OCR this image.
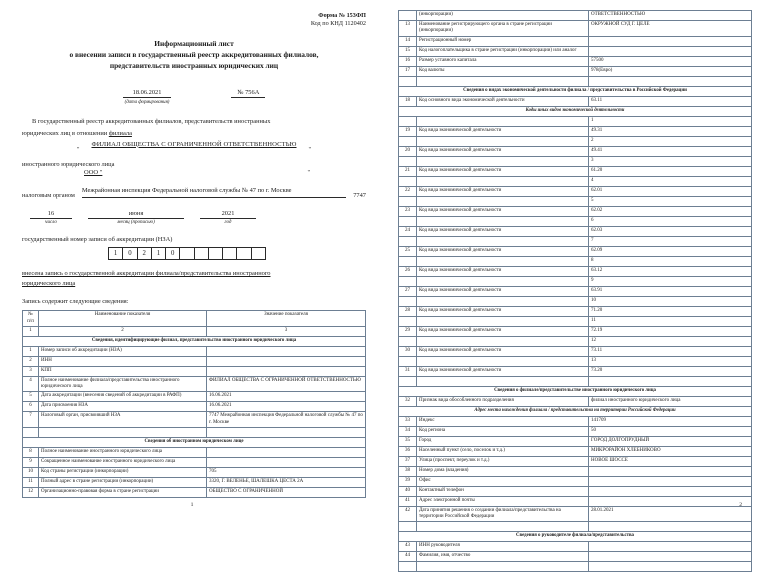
Форма № 153ФП
Код по КНД 1120402
Информационный лист
о внесении записи в государственный реестр аккредитованных филиалов,
представительств иностранных юридических лиц
18.06.2021
(дата формирования)
№ 756А
В государственный реестр аккредитованных филиалов, представительств иностранных
юридических лиц в отношении филиала
ФИЛИАЛ ОБЩЕСТВА С ОГРАНИЧЕННОЙ ОТВЕТСТВЕННОСТЬЮ
"	"
иностранного юридического лица
ООО "	"
налоговым органом
Межрайонная инспекция Федеральной налоговой службы № 47 по г. Москве
7747
16
число
июня
месяц (прописью)
2021
год
государственный номер записи об аккредитации (НЗА)
1	0	2	1	0
внесена запись о государственной аккредитации филиала/представительства иностранного
юридического лица
Запись содержит следующие сведения:
№
п/п	Наименование показателя	Значение показателя
1	2	3
Сведения, идентифицирующие филиал, представительство иностранного юридического лица		
1	Номер записи об аккредитации (НЗА)	
2	ИНН	
3	КПП	
4	Полное наименование филиала/представительства иностранного юридического лица	ФИЛИАЛ ОБЩЕСТВА С ОГРАНИЧЕННОЙ ОТВЕТСТВЕННОСТЬЮ
5	Дата аккредитации (внесения сведений об аккредитации в РАФП)	16.06.2021
6	Дата присвоения НЗА	16.06.2021
7	Налоговый орган, присвоивший НЗА	7747 Межрайонная инспекция Федеральной налоговой службы № 47 по г. Москве

Сведения об иностранном юридическом лице		
8	Полное наименование иностранного юридического лица	
9	Сокращенное наименование иностранного юридического лица	
10	Код страны регистрации (инкорпорации)	705
11	Полный адрес в стране регистрации (инкорпорации)	3320, Г. ВЕЛЕНЬЕ, ШАЛЕШКА ЦЕСТА 2А
12	Организационно-правовая форма в стране регистрации	ОБЩЕСТВО С ОГРАНИЧЕННОЙ
1
	(инкорпорации)	ОТВЕТСТВЕННОСТЬЮ
13	Наименование регистрирующего органа в стране регистрации (инкорпорации)	ОКРУЖНОЙ СУД Г. ЦЕЛЕ
14	Регистрационный номер	
15	Код налогоплательщика в стране регистрации (инкорпорации) или аналог	
16	Размер уставного капитала	57500
17	Код валюты	978(Евро)

Сведения о видах экономической деятельности филиала / представительства в Российской Федерации		
18	Код основного вида экономической деятельности	63.11
Коды иных видов экономической деятельности		
		1
19	Код вида экономической деятельности	49.31
		2
20	Код вида экономической деятельности	49.41
		3
21	Код вида экономической деятельности	61.20
		4
22	Код вида экономической деятельности	62.01
		5
23	Код вида экономической деятельности	62.02
		6
24	Код вида экономической деятельности	62.03
		7
25	Код вида экономической деятельности	62.09
		8
26	Код вида экономической деятельности	63.12
		9
27	Код вида экономической деятельности	63.91
		10
28	Код вида экономической деятельности	71.20
		11
29	Код вида экономической деятельности	72.19
		12
30	Код вида экономической деятельности	73.11
		13
31	Код вида экономической деятельности	73.20

Сведения о филиале/представительстве иностранного юридического лица		
32	Признак вида обособленного подразделения	филиал иностранного юридического лица
Адрес места нахождения филиала / представительства на территории Российской Федерации		
33	Индекс	141709
34	Код региона	50
35	Город	ГОРОД ДОЛГОПРУДНЫЙ
36	Населенный пункт (село, поселок и т.д.)	МИКРОРАЙОН ХЛЕБНИКОВО
37	Улица (проспект, переулок и т.д.)	НОВОЕ ШОССЕ
38	Номер дома (владения)	
39	Офис	
40	Контактный телефон	
41	Адрес электронной почты	
42	Дата принятия решения о создании филиала/представительства на территории Российской Федерации	28.01.2021

Сведения о руководителе филиала/представительства		
43	ИНН руководителя	
44	Фамилия, имя, отчество	

2
